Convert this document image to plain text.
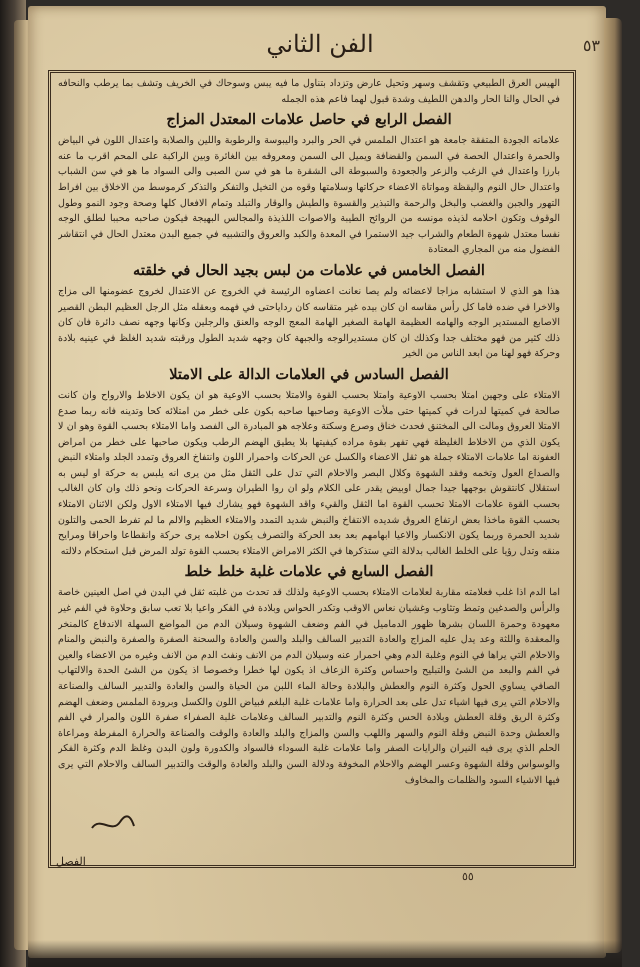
٥٣
الفن الثاني

الهيس العرق الطبيعي وتقشف وسهر وتحيل عارض وتزداد بتناول ما فيه يبس وسوحاك في الخريف وتشف بما يرطب والنحافه في الحال والنا الحار والدهن اللطيف وشدة قبول لهما فاعم هذه الجمله

الفصل الرابع في حاصل علامات المعتدل المزاج

علاماته الجودة المتفقة جامعة هو اعتدال الملمس في الحر والبرد واليبوسة والرطوبة واللين والصلابة واعتدال اللون في البياض والحمرة واعتدال الحصة في السمن والقضافة ويميل الى السمن ومعروقه بين الغائرة وبين الراكبة على المحم اقرب ما عنه بارزا واعتدال في الزغب والزعر والجعودة والسبوطة الى الشقرة ما هو في سن الصبى والى السواد ما هو في سن الشباب واعتدال حال النوم واليقظة ومواتاة الاعضاء حركاتها وسلامتها وقوه من التخيل والتفكر والتذكر كرموسط من الاخلاق بين افراط التهور والجبن والغضب والبخل والرحمة والتبذير والقسوة والطيش والوقار والتبلد وتمام الافعال كلها وصحة وجود النمو وطول الوقوف وتكون احلامه لذيذه مونسه من الروائح الطيبة والاصوات اللذيذة والمجالس البهيجة فيكون صاحبه محببا لطلق الوجه نفسا معتدل شهوة الطعام والشراب جيد الاستمرا في المعدة والكبد والعروق والتشبيه في جميع البدن معتدل الحال في انتقاشر الفضول منه من المجاري المعتادة

الفصل الخامس في علامات من لبس بجيد الحال في خلقته

هذا هو الذي لا استشابه مزاجا لاعضائه ولم يصا نعانت اعضاوه الرئيسة في الخروج عن الاعتدال لخروج عضومنها الى مزاج والاخرا في ضده فاما كل رأس مقاسه ان كان بيده غير متقاسه كان رداياحتى في فهمه وبعقله مثل الرجل العظيم البطن القصير الاصابع المستدير الوجه والهامه العظيمة الهامة الصغير الهامة المعج الوجه والعنق والرجلين وكانها وجهه نصف دائرة فان كان ذلك كثير من فهو مختلف جدا وكذلك ان كان مستديرالوجه والجبهة كان وجهه شديد الطول ورقبته شديد الغلظ في عينيه بلادة وحركة فهو لهنا من ابعد الناس من الخير

الفصل السادس في العلامات الدالة على الامتلا

الامتلاء على وجهين امتلا بحسب الاوعية وامتلا بحسب القوة والامتلا بحسب الاوعية هو ان يكون الاخلاط والارواح وان كانت صالحة في كميتها لدرات في كميتها حتى ملأت الاوعية وصاحبها صاحبه بكون على خطر من امتلائه كحا وتدينه فانه ربما صدع الامتلا العروق ومالت الى المختنق فحدث خناق وصرع وسكتة وعلاجه هو المبادرة الى الفصد واما الامتلاء بحسب القوة وهو ان لا يكون الذي من الاخلاط الغليظة فهي تفهر بقوة مراده كيفيتها بلا يطيق الهضم الرطب ويكون صاحبها على خطر من امراض العفونة اما علامات الامتلاء جملة هو ثقل الاعضاء والكسل عن الحركات واحمرار اللون وانتفاخ العروق وتمدد الجلد وامتلاء النبض والصداع العول وتخمه وفقد الشهوة وكلال البصر والاحلام التي تدل على الثقل مثل من يرى انه يلبس به حركة او ليس به استقلال كانتقوش بوجهها جيدا جمال اوبيض يقدر على الكلام ولو ان روا الطيران وسرعة الحركات ونحو ذلك وان كان الغالب بحسب القوة علامات الامتلا تحسب القوة اما الثقل والقيء واقد الشهوة فهو يشارك فيها الامتلاء الاول ولكن الاثنان الامتلاء بحسب القوة ماخذا بعض ارتفاع العروق شديده الانتفاخ والنبض شديد التمدد والامتلاء العظيم والالم ما لم تفرط الحمى والتلون شديد الحمرة وربما يكون الانكسار والاعيا ابهامهم بعد بعد الحركة والتصرف يكون احلامه يرى حركة وانقطاعا واحراقا ومرايح منقه وتدل رؤيا على الخلط الغالب بدلالة التي ستذكرها في الكثر الامراض الامتلاء بحسب القوة تولد المرض قبل استحكام دلالته

الفصل السابع في علامات غلبة خلط خلط

اما الدم اذا غلب فعلامته مقاربة لعلامات الامتلاء بحسب الاوعية ولذلك قد تحدث من غلبته ثقل في البدن في اصل العينين خاصة والرأس والصدغين وتمط وتثاوب وغشيان نعاس الاوقب وتكدر الحواس وبلادة في الفكر واعيا بلا تعب سابق وحلاوة في الفم غير معهودة وحمرة اللسان بشرها ظهور الدماميل في الفم وضعف الشهوة وسيلان الدم من المواضع السهلة الاندفاع كالمنخر والمعقدة واللثة وعد يدل عليه المزاج والعادة التدبير السالف والبلد والسن والعادة والسحنة الصفرة والصفرة والنبض والمنام والاحلام التي يراها في النوم وغلبة الدم وهي احمرار عنه وسيلان الدم من الانف ونفث الدم من الانف وغيره من الاعضاء والعين في الفم والبعد من الشئ والتبليح واحساس وكثرة الزعاف اذ يكون لها خطرا وخصوصا اذ يكون من الشئ الحدة والالتهاب الصافي يساوي الحول وكثرة النوم والعطش والبلادة وحالة الماء اللبن من الحياة والسن والعادة والتدبير السالف والصناعة والاحلام التي يرى فيها اشياء تدل على بعد الحرارة واما علامات غلبة البلغم فبياض اللون والكسل وبرودة الملمس وضعف الهضم وكثرة الريق وقلة العطش وبلادة الحس وكثرة النوم والتدبير السالف وعلامات غلبة الصفراء صفرة اللون والمرار في الفم والعطش وحدة النبض وقلة النوم والسهر واللهب والسن والمزاج والبلد والعادة والوقت والصناعة والحرارة المفرطة ومراعاة الحلم الذي يرى فيه النيران والرايات الصفر واما علامات غلبة السوداء فالسواد والكدورة ولون البدن وغلظ الدم وكثرة الفكر والوسواس وقلة الشهوة وعسر الهضم والاحلام المخوفة ودلالة السن والبلد والعادة والوقت والتدبير السالف والاحلام التي يرى فيها الاشياء السود والظلمات والمخاوف

الفصل
٥٥
